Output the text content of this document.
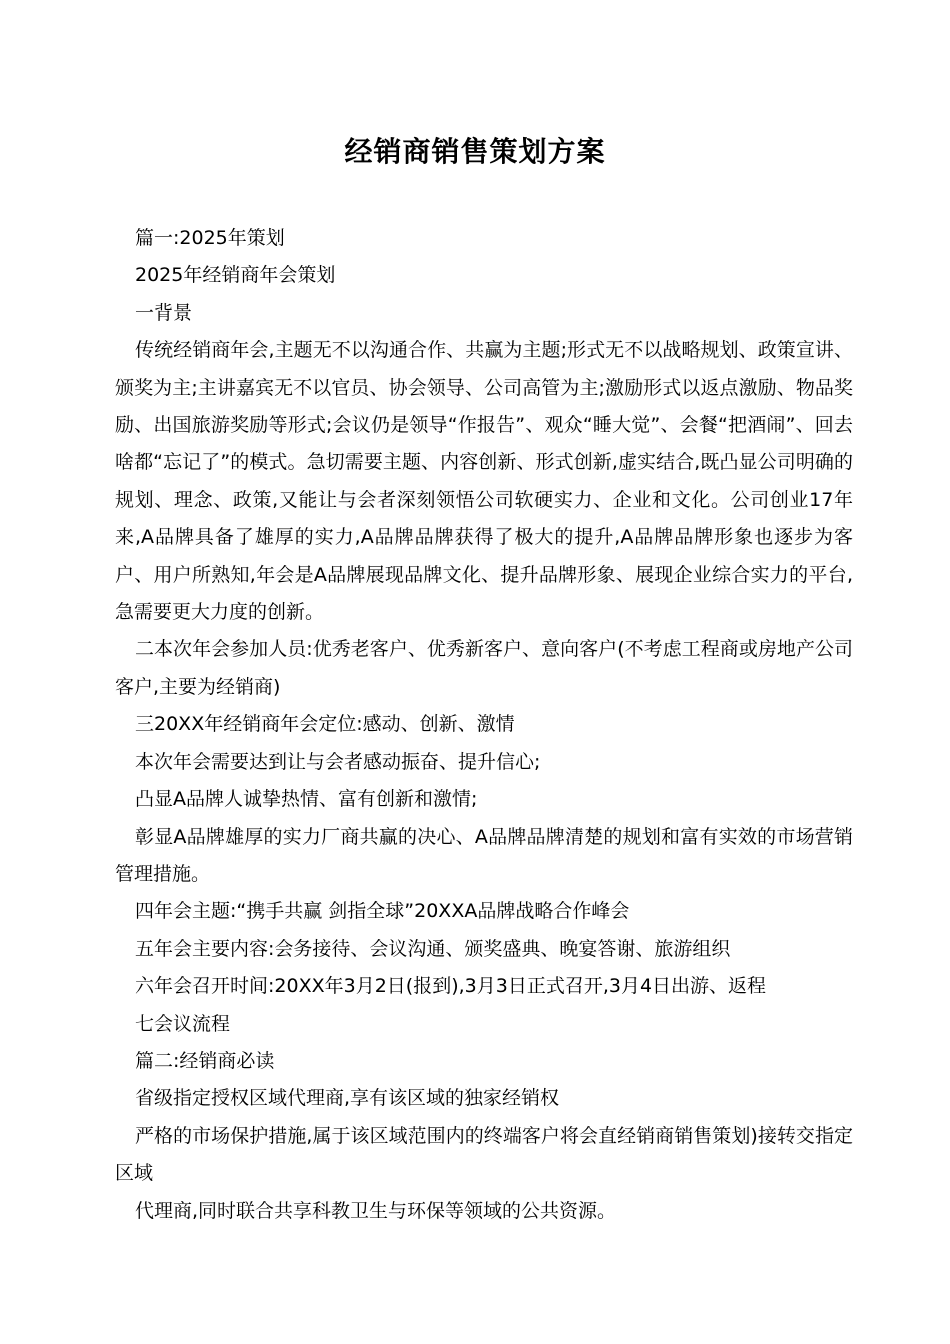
经销商销售策划方案

篇一:2025年策划

2025年经销商年会策划

一背景

传统经销商年会,主题无不以沟通合作、共赢为主题;形式无不以战略规划、政策宣讲、颁奖为主;主讲嘉宾无不以官员、协会领导、公司高管为主;激励形式以返点激励、物品奖励、出国旅游奖励等形式;会议仍是领导“作报告”、观众“睡大觉”、会餐“把酒闹”、回去啥都“忘记了”的模式。急切需要主题、内容创新、形式创新,虚实结合,既凸显公司明确的规划、理念、政策,又能让与会者深刻领悟公司软硬实力、企业和文化。公司创业17年来,A品牌具备了雄厚的实力,A品牌品牌获得了极大的提升,A品牌品牌形象也逐步为客户、用户所熟知,年会是A品牌展现品牌文化、提升品牌形象、展现企业综合实力的平台,急需要更大力度的创新。

二本次年会参加人员:优秀老客户、优秀新客户、意向客户(不考虑工程商或房地产公司客户,主要为经销商)

三20XX年经销商年会定位:感动、创新、激情

本次年会需要达到让与会者感动振奋、提升信心;

凸显A品牌人诚挚热情、富有创新和激情;

彰显A品牌雄厚的实力厂商共赢的决心、A品牌品牌清楚的规划和富有实效的市场营销管理措施。

四年会主题:“携手共赢 剑指全球”20XXA品牌战略合作峰会

五年会主要内容:会务接待、会议沟通、颁奖盛典、晚宴答谢、旅游组织

六年会召开时间:20XX年3月2日(报到),3月3日正式召开,3月4日出游、返程

七会议流程

篇二:经销商必读

省级指定授权区域代理商,享有该区域的独家经销权

严格的市场保护措施,属于该区域范围内的终端客户将会直经销商销售策划)接转交指定区域

代理商,同时联合共享科教卫生与环保等领域的公共资源。
